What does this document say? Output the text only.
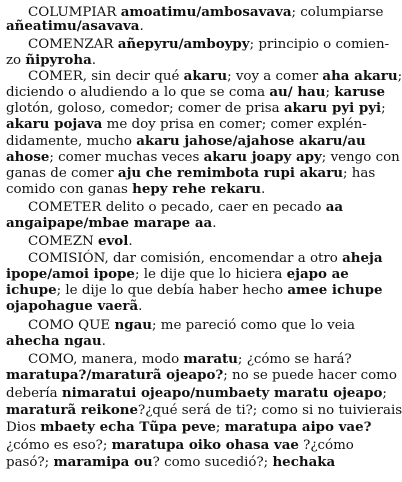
COLUMPIAR amoatimu/ambosavava; columpiarse
añeatimu/asavava.
COMENZAR añepyru/amboypy; principio o comien-
zo ñipyroha.
COMER, sin decir qué akaru; voy a comer aha akaru;
diciendo o aludiendo a lo que se coma au/ hau; karuse
glotón, goloso, comedor; comer de prisa akaru pyi pyi;
akaru pojava me doy prisa en comer; comer explén-
didamente, mucho akaru jahose/ajahose akaru/au
ahose; comer muchas veces akaru joapy apy; vengo con
ganas de comer aju che remimbota rupi akaru; has
comido con ganas hepy rehe rekaru.
COMETER delito o pecado, caer en pecado aa
angaipape/mbae marape aa.
COMEZN evol.
COMISIÓN, dar comisión, encomendar a otro aheja
ipope/amoi ipope; le dije que lo hiciera ejapo ae
ichupe; le dije lo que debía haber hecho amee ichupe
ojapohague vaerã.
COMO QUE ngau; me pareció como que lo veia
ahecha ngau.
COMO, manera, modo maratu; ¿cómo se hará?
maratupa?/maraturã ojeapo?; no se puede hacer como
debería nimaratui ojeapo/numbaety maratu ojeapo;
maraturã reikone?¿qué será de ti?; como si no tuivierais
Dios mbaety echa Tũpa peve; maratupa aipo vae?
¿cómo es eso?; maratupa oiko ohasa vae ?¿cómo
pasó?; maramipa ou? como sucedió?; hechaka
